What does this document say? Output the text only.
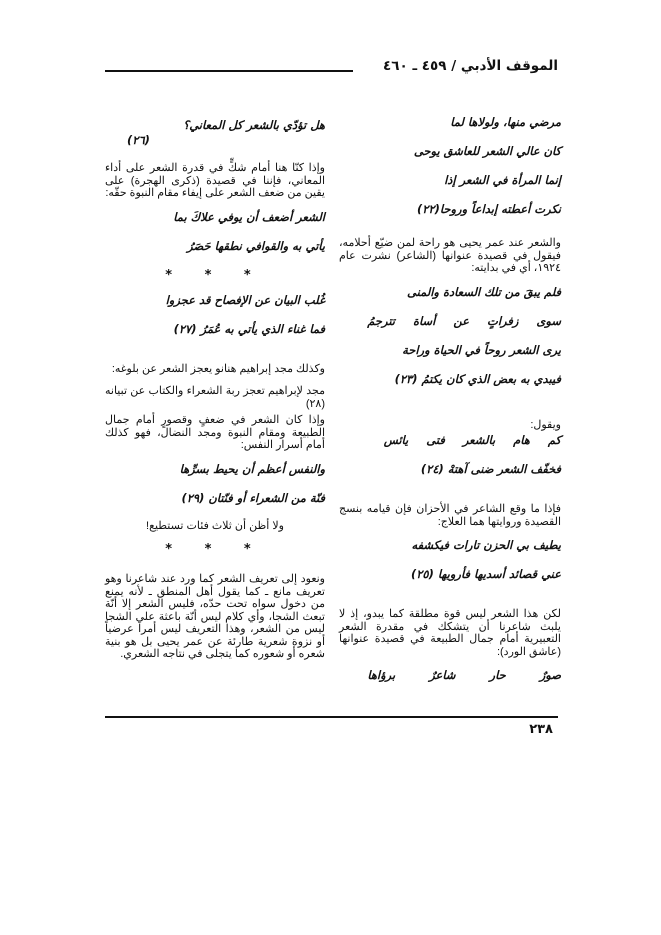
الموقف الأدبي / ٤٥٩ ـ ٤٦٠
مرضي منها، ولولاها لما
كان عالي الشعر للعاشق يوحى
إنما المرأة في الشعر إذا
نكرت أعطته إبداعاً وروحا(٢٢)

والشعر عند عمر يحيى هو راحة لمن ضيّع أحلامه، فيقول في قصيدة عنوانها (الشاعر) نشرت عام ١٩٢٤، أي في بدايته:

فلم يبقَ من تلك السعادة والمنى
سوى زفراتٍ عن أساة تترجمُ
يرى الشعر روحاً في الحياة وراحة
فيبدي به بعض الذي كان يكتمُ (٢٣)

ويقول:

كم هام بالشعر فتى يائس
فخفّف الشعر ضنى آهتهْ (٢٤)

فإذا ما وقع الشاعر في الأحزان فإن قيامه بنسج القصيدة وروايتها هما العلاج:

يطيف بي الحزن تارات فيكشفه
عني قصائد أسديها فأرويها (٢٥)

لكن هذا الشعر ليس قوة مطلقة كما يبدو، إذ لا يلبث شاعرنا أن يتشكك في مقدرة الشعر التعبيرية أمام جمال الطبيعة في قصيدة عنوانها (عاشق الورد):

صورٌ حار شاعرٌ برؤاها
هل تؤدّي بالشعر كل المعاني؟
(٢٦)

وإذا كنّا هنا أمام شكٍّ في قدرة الشعر على أداء المعاني، فإننا في قصيدة (ذكرى الهجرة) على يقين من ضعف الشعر على إيفاء مقام النبوة حقّه:

الشعر أضعف أن يوفي علاكَ بما
يأتي به والقوافي نطقها حَصَرُ
* * *
غُلب البيان عن الإفصاح قد عجزوا
فما غناء الذي يأتي به عُمَرُ (٢٧)

وكذلك مجد إبراهيم هنانو يعجز الشعر عن بلوغه:

مجد لإبراهيم تعجز ربة الشعراء والكتاب عن تبيانه (٢٨)

وإذا كان الشعر في ضعفٍ وقصورٍ أمام جمال الطبيعة ومقام النبوة ومجد النضال، فهو كذلك أمام أسرار النفس:

والنفس أعظم أن يحيط بسرِّها
فنّة من الشعراء أو فنّتان (٢٩)

ولا أظن أن ثلاث فئات تستطيع!

* * *

ونعود إلى تعريف الشعر كما ورد عند شاعرنا وهو تعريف مانع ـ كما يقول أهل المنطق ـ لأنه يمنع من دخول سواه تحت حدّه، فليس الشعر إلا أنّة تبعث الشجا، وأي كلام ليس أنّة باعثة على الشجا ليس من الشعر، وهذا التعريف ليس أمراً عرضياً أو نزوة شعرية طارئة عن عمر يحيى بل هو بنية شعره أو شعوره كما يتجلى في نتاجه الشعري.

٢٣٨
